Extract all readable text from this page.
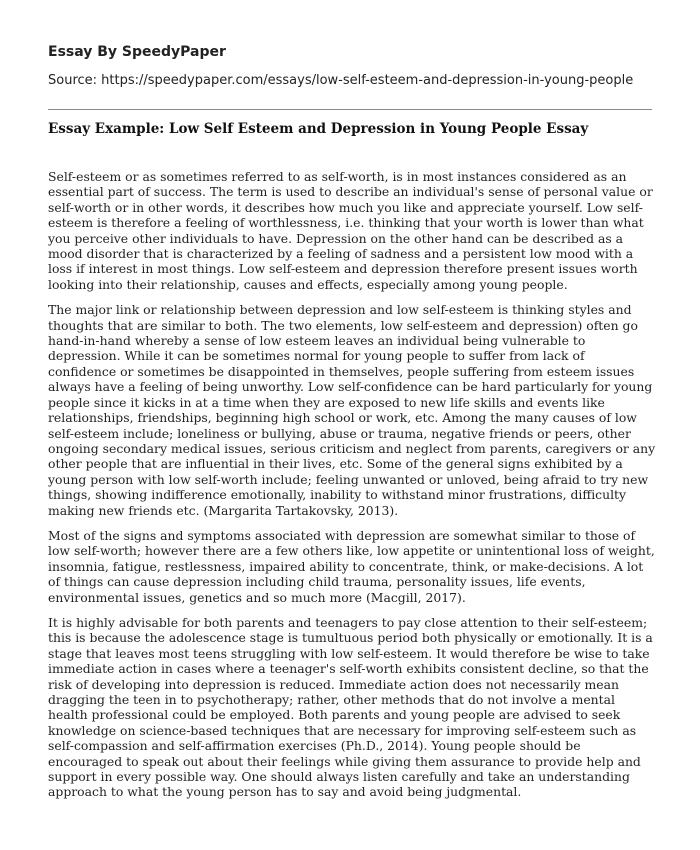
Essay By SpeedyPaper

Source: https://speedypaper.com/essays/low-self-esteem-and-depression-in-young-people

Essay Example: Low Self Esteem and Depression in Young People Essay

Self-esteem or as sometimes referred to as self-worth, is in most instances considered as an essential part of success. The term is used to describe an individual's sense of personal value or self-worth or in other words, it describes how much you like and appreciate yourself. Low self-esteem is therefore a feeling of worthlessness, i.e. thinking that your worth is lower than what you perceive other individuals to have. Depression on the other hand can be described as a mood disorder that is characterized by a feeling of sadness and a persistent low mood with a loss if interest in most things. Low self-esteem and depression therefore present issues worth looking into their relationship, causes and effects, especially among young people.

The major link or relationship between depression and low self-esteem is thinking styles and thoughts that are similar to both. The two elements, low self-esteem and depression) often go hand-in-hand whereby a sense of low esteem leaves an individual being vulnerable to depression. While it can be sometimes normal for young people to suffer from lack of confidence or sometimes be disappointed in themselves, people suffering from esteem issues always have a feeling of being unworthy. Low self-confidence can be hard particularly for young people since it kicks in at a time when they are exposed to new life skills and events like relationships, friendships, beginning high school or work, etc. Among the many causes of low self-esteem include; loneliness or bullying, abuse or trauma, negative friends or peers, other ongoing secondary medical issues, serious criticism and neglect from parents, caregivers or any other people that are influential in their lives, etc. Some of the general signs exhibited by a young person with low self-worth include; feeling unwanted or unloved, being afraid to try new things, showing indifference emotionally, inability to withstand minor frustrations, difficulty making new friends etc. (Margarita Tartakovsky, 2013).

Most of the signs and symptoms associated with depression are somewhat similar to those of low self-worth; however there are a few others like, low appetite or unintentional loss of weight, insomnia, fatigue, restlessness, impaired ability to concentrate, think, or make-decisions. A lot of things can cause depression including child trauma, personality issues, life events, environmental issues, genetics and so much more (Macgill, 2017).

It is highly advisable for both parents and teenagers to pay close attention to their self-esteem; this is because the adolescence stage is tumultuous period both physically or emotionally. It is a stage that leaves most teens struggling with low self-esteem. It would therefore be wise to take immediate action in cases where a teenager's self-worth exhibits consistent decline, so that the risk of developing into depression is reduced. Immediate action does not necessarily mean dragging the teen in to psychotherapy; rather, other methods that do not involve a mental health professional could be employed. Both parents and young people are advised to seek knowledge on science-based techniques that are necessary for improving self-esteem such as self-compassion and self-affirmation exercises (Ph.D., 2014). Young people should be encouraged to speak out about their feelings while giving them assurance to provide help and support in every possible way. One should always listen carefully and take an understanding approach to what the young person has to say and avoid being judgmental.
